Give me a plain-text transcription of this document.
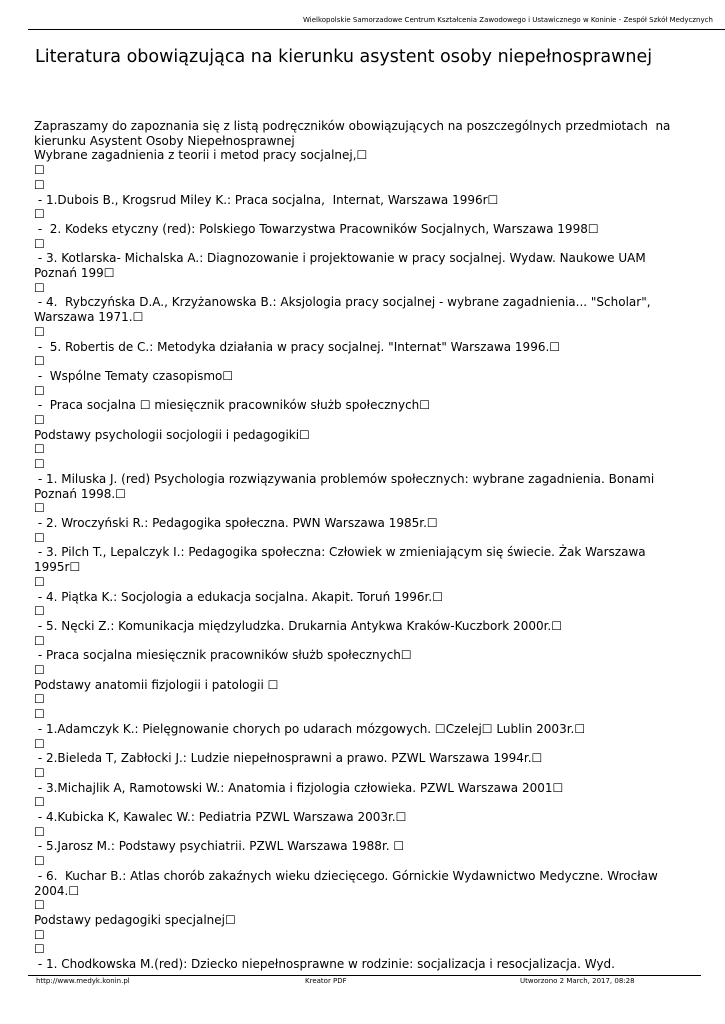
Wielkopolskie Samorzadowe Centrum Kształcenia Zawodowego i Ustawicznego w Koninie - Zespół Szkół Medycznych
Literatura obowiązująca na kierunku asystent osoby niepełnosprawnej
Zapraszamy do zapoznania się z listą podręczników obowiązujących na poszczególnych przedmiotach  na
kierunku Asystent Osoby Niepełnosprawnej
Wybrane zagadnienia z teorii i metod pracy socjalnej,☐
☐
☐
- 1.Dubois B., Krogsrud Miley K.: Praca socjalna,  Internat, Warszawa 1996r☐
☐
-  2. Kodeks etyczny (red): Polskiego Towarzystwa Pracowników Socjalnych, Warszawa 1998☐
☐
- 3. Kotlarska- Michalska A.: Diagnozowanie i projektowanie w pracy socjalnej. Wydaw. Naukowe UAM
Poznań 199☐
☐
- 4.  Rybczyńska D.A., Krzyżanowska B.: Aksjologia pracy socjalnej - wybrane zagadnienia... "Scholar",
Warszawa 1971.☐
☐
-  5. Robertis de C.: Metodyka działania w pracy socjalnej. "Internat" Warszawa 1996.☐
☐
-  Wspólne Tematy czasopismo☐
☐
-  Praca socjalna ☐ miesięcznik pracowników służb społecznych☐
☐
Podstawy psychologii socjologii i pedagogiki☐
☐
☐
- 1. Miluska J. (red) Psychologia rozwiązywania problemów społecznych: wybrane zagadnienia. Bonami
Poznań 1998.☐
☐
- 2. Wroczyński R.: Pedagogika społeczna. PWN Warszawa 1985r.☐
☐
- 3. Pilch T., Lepalczyk I.: Pedagogika społeczna: Człowiek w zmieniającym się świecie. Żak Warszawa
1995r☐
☐
- 4. Piątka K.: Socjologia a edukacja socjalna. Akapit. Toruń 1996r.☐
☐
- 5. Nęcki Z.: Komunikacja międzyludzka. Drukarnia Antykwa Kraków-Kuczbork 2000r.☐
☐
- Praca socjalna miesięcznik pracowników służb społecznych☐
☐
Podstawy anatomii fizjologii i patologii ☐
☐
☐
- 1.Adamczyk K.: Pielęgnowanie chorych po udarach mózgowych. ☐Czelej☐ Lublin 2003r.☐
☐
- 2.Bieleda T, Zabłocki J.: Ludzie niepełnosprawni a prawo. PZWL Warszawa 1994r.☐
☐
- 3.Michajlik A, Ramotowski W.: Anatomia i fizjologia człowieka. PZWL Warszawa 2001☐
☐
- 4.Kubicka K, Kawalec W.: Pediatria PZWL Warszawa 2003r.☐
☐
- 5.Jarosz M.: Podstawy psychiatrii. PZWL Warszawa 1988r. ☐
☐
- 6.  Kuchar B.: Atlas chorób zakaźnych wieku dziecięcego. Górnickie Wydawnictwo Medyczne. Wrocław
2004.☐
☐
Podstawy pedagogiki specjalnej☐
☐
☐
- 1. Chodkowska M.(red): Dziecko niepełnosprawne w rodzinie: socjalizacja i resocjalizacja. Wyd.
http://www.medyk.konin.pl	Kreator PDF	Utworzono 2 March, 2017, 08:28
